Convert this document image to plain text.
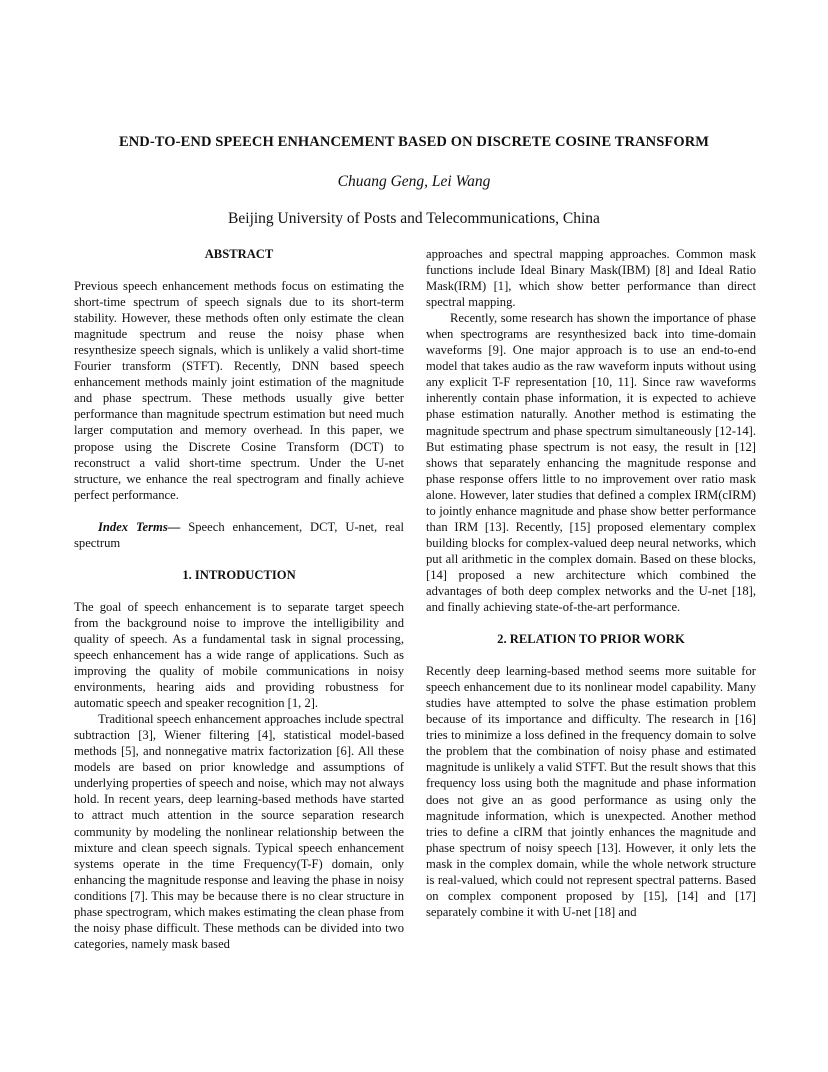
END-TO-END SPEECH ENHANCEMENT BASED ON DISCRETE COSINE TRANSFORM
Chuang Geng, Lei Wang
Beijing University of Posts and Telecommunications, China
ABSTRACT

Previous speech enhancement methods focus on estimating the short-time spectrum of speech signals due to its short-term stability. However, these methods often only estimate the clean magnitude spectrum and reuse the noisy phase when resynthesize speech signals, which is unlikely a valid short-time Fourier transform (STFT). Recently, DNN based speech enhancement methods mainly joint estimation of the magnitude and phase spectrum. These methods usually give better performance than magnitude spectrum estimation but need much larger computation and memory overhead. In this paper, we propose using the Discrete Cosine Transform (DCT) to reconstruct a valid short-time spectrum. Under the U-net structure, we enhance the real spectrogram and finally achieve perfect performance.

Index Terms— Speech enhancement, DCT, U-net, real spectrum

1. INTRODUCTION

The goal of speech enhancement is to separate target speech from the background noise to improve the intelligibility and quality of speech. As a fundamental task in signal processing, speech enhancement has a wide range of applications. Such as improving the quality of mobile communications in noisy environments, hearing aids and providing robustness for automatic speech and speaker recognition [1, 2].

Traditional speech enhancement approaches include spectral subtraction [3], Wiener filtering [4], statistical model-based methods [5], and nonnegative matrix factorization [6]. All these models are based on prior knowledge and assumptions of underlying properties of speech and noise, which may not always hold. In recent years, deep learning-based methods have started to attract much attention in the source separation research community by modeling the nonlinear relationship between the mixture and clean speech signals. Typical speech enhancement systems operate in the time Frequency(T-F) domain, only enhancing the magnitude response and leaving the phase in noisy conditions [7]. This may be because there is no clear structure in phase spectrogram, which makes estimating the clean phase from the noisy phase difficult. These methods can be divided into two categories, namely mask based

approaches and spectral mapping approaches. Common mask functions include Ideal Binary Mask(IBM) [8] and Ideal Ratio Mask(IRM) [1], which show better performance than direct spectral mapping.

Recently, some research has shown the importance of phase when spectrograms are resynthesized back into time-domain waveforms [9]. One major approach is to use an end-to-end model that takes audio as the raw waveform inputs without using any explicit T-F representation [10, 11]. Since raw waveforms inherently contain phase information, it is expected to achieve phase estimation naturally. Another method is estimating the magnitude spectrum and phase spectrum simultaneously [12-14]. But estimating phase spectrum is not easy, the result in [12] shows that separately enhancing the magnitude response and phase response offers little to no improvement over ratio mask alone. However, later studies that defined a complex IRM(cIRM) to jointly enhance magnitude and phase show better performance than IRM [13]. Recently, [15] proposed elementary complex building blocks for complex-valued deep neural networks, which put all arithmetic in the complex domain. Based on these blocks, [14] proposed a new architecture which combined the advantages of both deep complex networks and the U-net [18], and finally achieving state-of-the-art performance.

2. RELATION TO PRIOR WORK

Recently deep learning-based method seems more suitable for speech enhancement due to its nonlinear model capability. Many studies have attempted to solve the phase estimation problem because of its importance and difficulty. The research in [16] tries to minimize a loss defined in the frequency domain to solve the problem that the combination of noisy phase and estimated magnitude is unlikely a valid STFT. But the result shows that this frequency loss using both the magnitude and phase information does not give an as good performance as using only the magnitude information, which is unexpected. Another method tries to define a cIRM that jointly enhances the magnitude and phase spectrum of noisy speech [13]. However, it only lets the mask in the complex domain, while the whole network structure is real-valued, which could not represent spectral patterns. Based on complex component proposed by [15], [14] and [17] separately combine it with U-net [18] and
